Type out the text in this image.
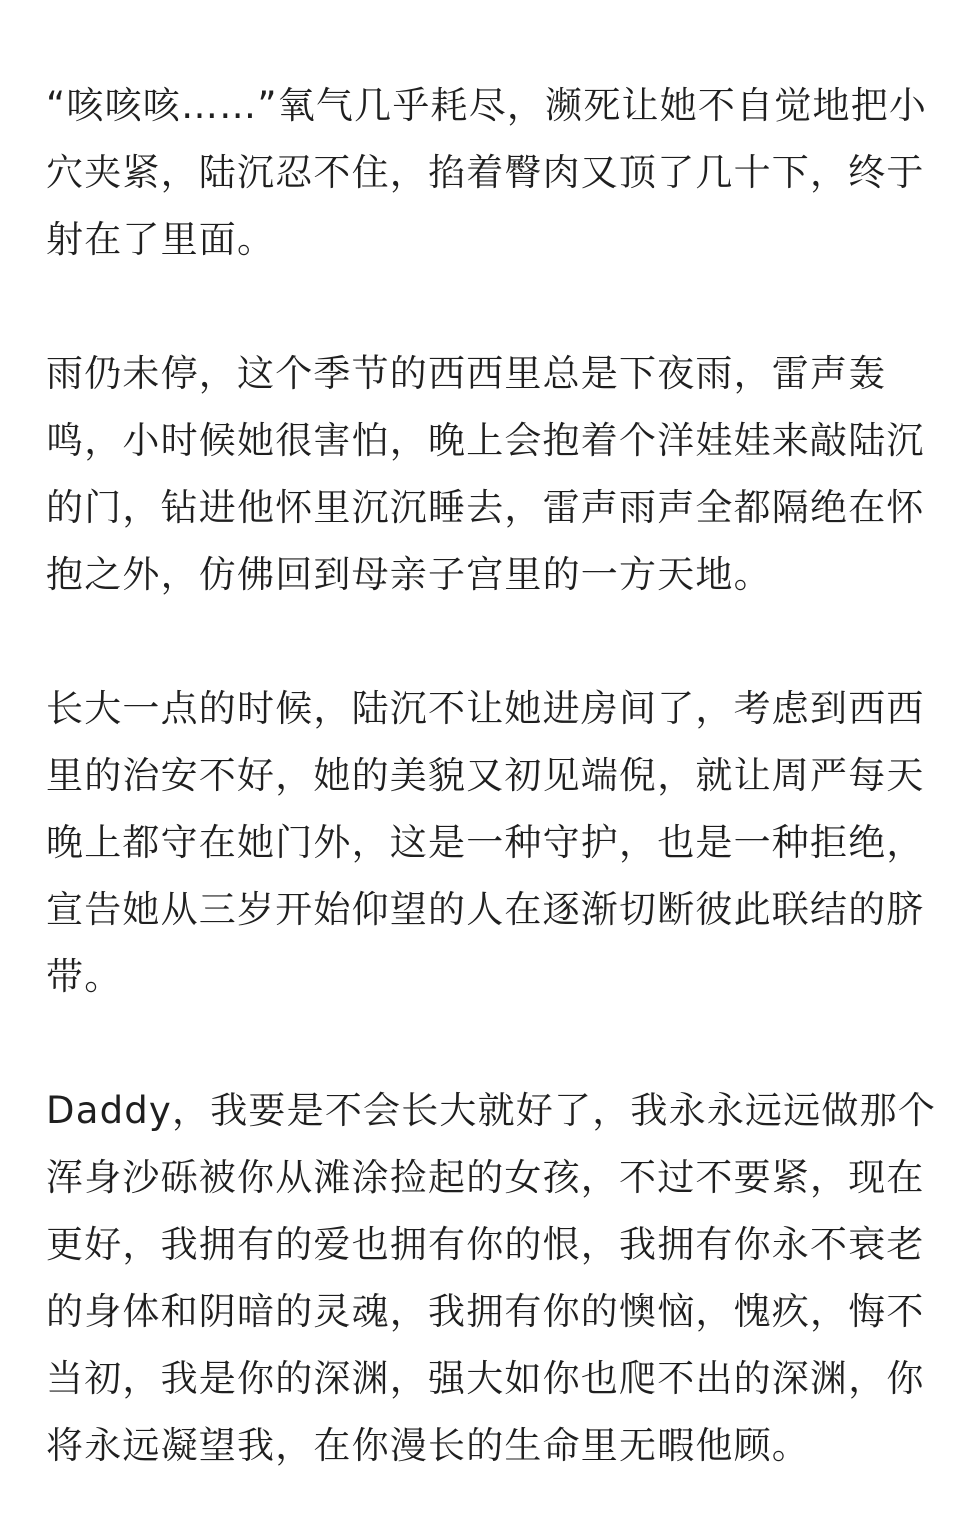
“咳咳咳……”氧气几乎耗尽，濒死让她不自觉地把小穴夹紧，陆沉忍不住，掐着臀肉又顶了几十下，终于射在了里面。

雨仍未停，这个季节的西西里总是下夜雨，雷声轰鸣，小时候她很害怕，晚上会抱着个洋娃娃来敲陆沉的门，钻进他怀里沉沉睡去，雷声雨声全都隔绝在怀抱之外，仿佛回到母亲子宫里的一方天地。

长大一点的时候，陆沉不让她进房间了，考虑到西西里的治安不好，她的美貌又初见端倪，就让周严每天晚上都守在她门外，这是一种守护，也是一种拒绝，宣告她从三岁开始仰望的人在逐渐切断彼此联结的脐带。

Daddy，我要是不会长大就好了，我永永远远做那个浑身沙砾被你从滩涂捡起的女孩，不过不要紧，现在更好，我拥有的爱也拥有你的恨，我拥有你永不衰老的身体和阴暗的灵魂，我拥有你的懊恼，愧疚，悔不当初，我是你的深渊，强大如你也爬不出的深渊，你将永远凝望我，在你漫长的生命里无暇他顾。
